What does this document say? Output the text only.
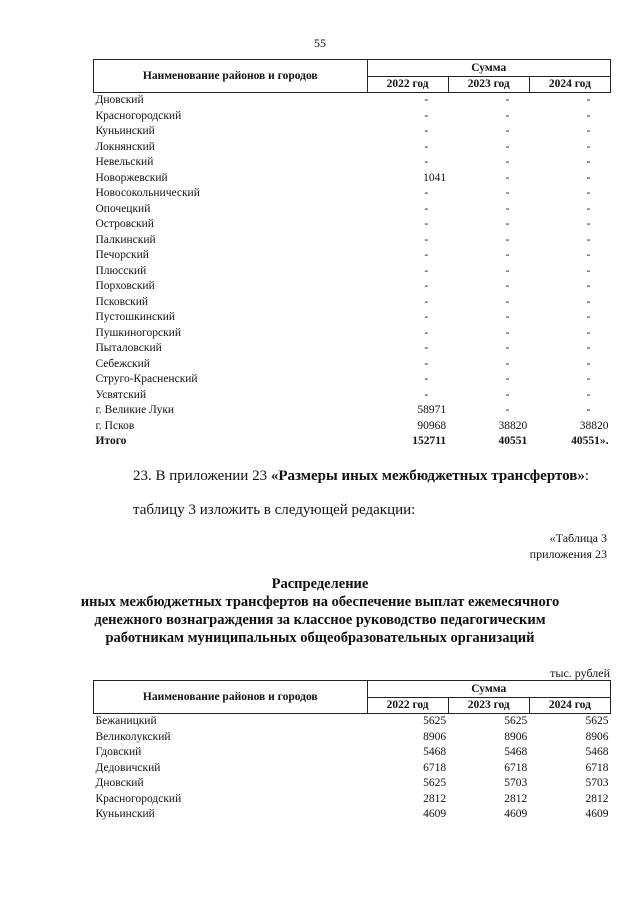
55
Наименование районов и городов	Сумма		
	2022 год	2023 год	2024 год
Дновский	-	-	-
Красногородский	-	-	-
Куньинский	-	-	-
Локнянский	-	-	-
Невельский	-	-	-
Новоржевский	1041	-	-
Новосокольнический	-	-	-
Опочецкий	-	-	-
Островский	-	-	-
Палкинский	-	-	-
Печорский	-	-	-
Плюсский	-	-	-
Порховский	-	-	-
Псковский	-	-	-
Пустошкинский	-	-	-
Пушкиногорский	-	-	-
Пыталовский	-	-	-
Себежский	-	-	-
Струго-Красненский	-	-	-
Усвятский	-	-	-
г. Великие Луки	58971	-	-
г. Псков	90968	38820	38820
Итого	152711	40551	40551».
23. В приложении 23 «Размеры иных межбюджетных трансфертов»:
таблицу 3 изложить в следующей редакции:
«Таблица 3
приложения 23
Распределение
иных межбюджетных трансфертов на обеспечение выплат ежемесячного
денежного вознаграждения за классное руководство педагогическим
работникам муниципальных общеобразовательных организаций
тыс. рублей
Наименование районов и городов	Сумма		
	2022 год	2023 год	2024 год
Бежаницкий	5625	5625	5625
Великолукский	8906	8906	8906
Гдовский	5468	5468	5468
Дедовичский	6718	6718	6718
Дновский	5625	5703	5703
Красногородский	2812	2812	2812
Куньинский	4609	4609	4609
